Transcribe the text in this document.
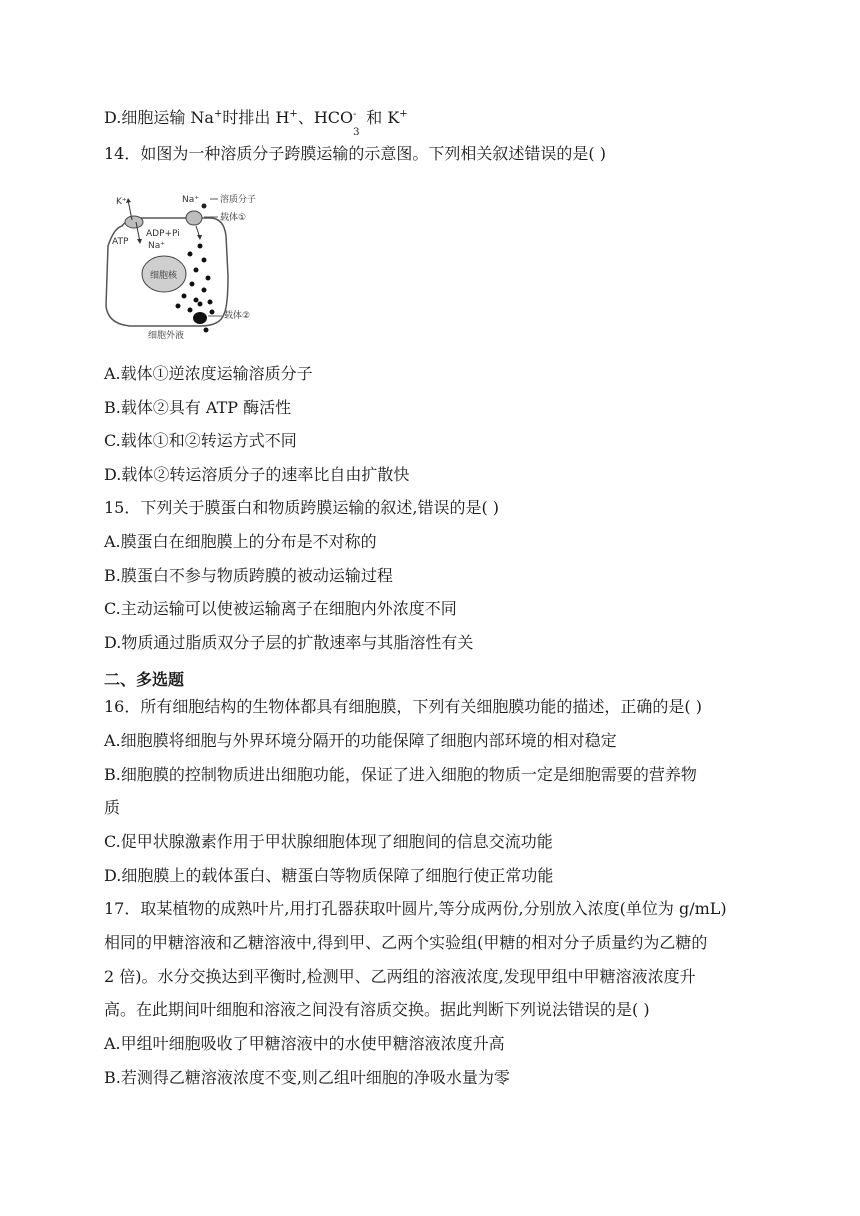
D.细胞运输 Na+时排出 H+、HCO -
3
和 K+
14．如图为一种溶质分子跨膜运输的示意图。下列相关叙述错误的是( )
细胞核
K⁺
ATP
ADP+Pi
Na⁺
Na⁺ 溶质分子
载体①
载体②
细胞外液
A.载体①逆浓度运输溶质分子
B.载体②具有 ATP 酶活性
C.载体①和②转运方式不同
D.载体②转运溶质分子的速率比自由扩散快
15．下列关于膜蛋白和物质跨膜运输的叙述,错误的是( )
A.膜蛋白在细胞膜上的分布是不对称的
B.膜蛋白不参与物质跨膜的被动运输过程
C.主动运输可以使被运输离子在细胞内外浓度不同
D.物质通过脂质双分子层的扩散速率与其脂溶性有关
二、多选题
16．所有细胞结构的生物体都具有细胞膜，下列有关细胞膜功能的描述，正确的是( )
A.细胞膜将细胞与外界环境分隔开的功能保障了细胞内部环境的相对稳定
B.细胞膜的控制物质进出细胞功能，保证了进入细胞的物质一定是细胞需要的营养物
质
C.促甲状腺激素作用于甲状腺细胞体现了细胞间的信息交流功能
D.细胞膜上的载体蛋白、糖蛋白等物质保障了细胞行使正常功能
17．取某植物的成熟叶片,用打孔器获取叶圆片,等分成两份,分别放入浓度(单位为 g/mL)
相同的甲糖溶液和乙糖溶液中,得到甲、乙两个实验组(甲糖的相对分子质量约为乙糖的
2 倍)。水分交换达到平衡时,检测甲、乙两组的溶液浓度,发现甲组中甲糖溶液浓度升
高。在此期间叶细胞和溶液之间没有溶质交换。据此判断下列说法错误的是( )
A.甲组叶细胞吸收了甲糖溶液中的水使甲糖溶液浓度升高
B.若测得乙糖溶液浓度不变,则乙组叶细胞的净吸水量为零
